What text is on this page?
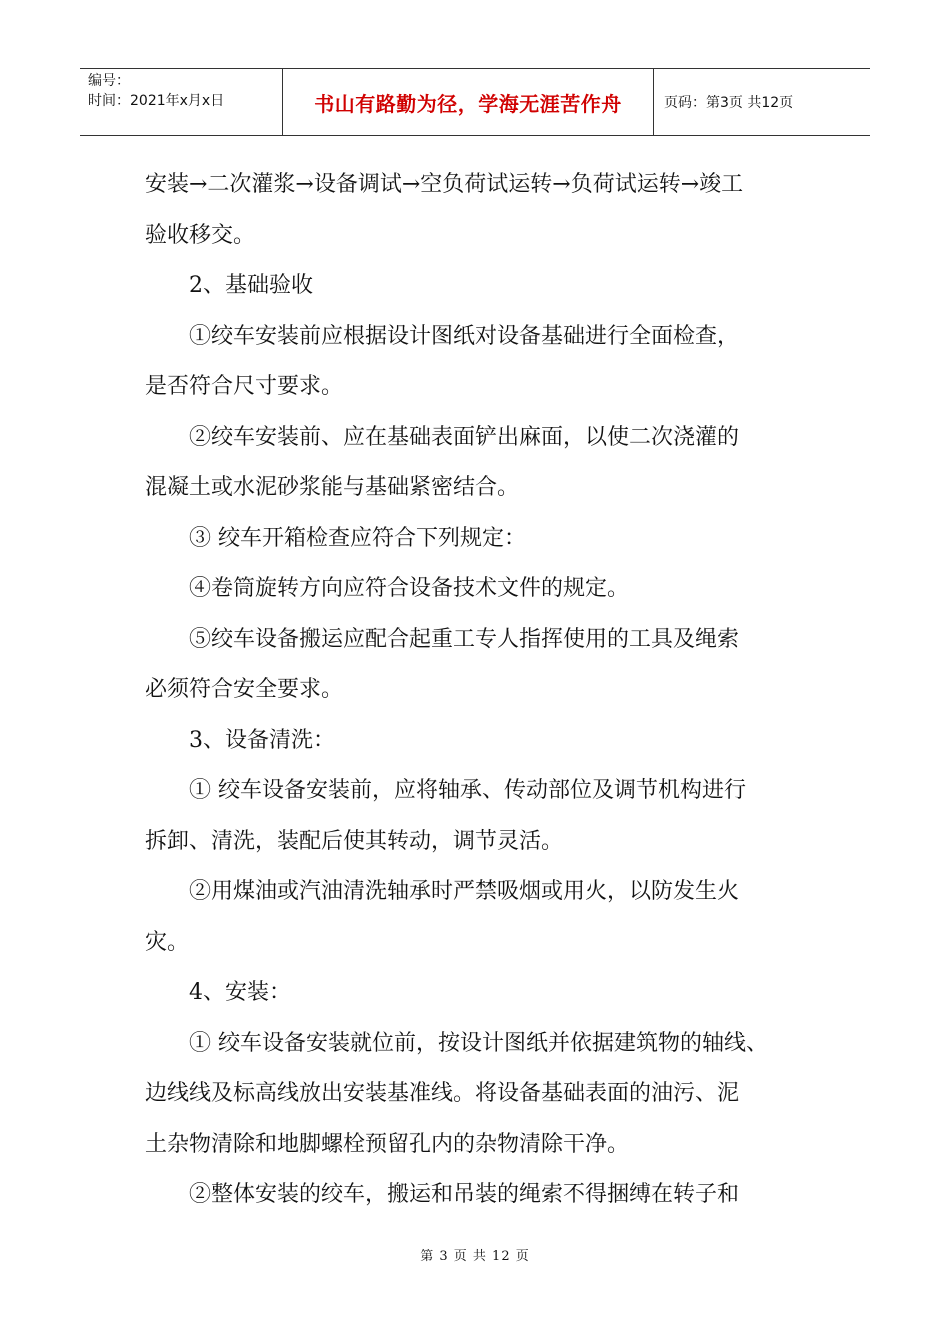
编号：
时间：2021年x月x日	书山有路勤为径，学海无涯苦作舟	页码：第3页 共12页

安装→二次灌浆→设备调试→空负荷试运转→负荷试运转→竣工

验收移交。

2、基础验收

①绞车安装前应根据设计图纸对设备基础进行全面检查，

是否符合尺寸要求。

②绞车安装前、应在基础表面铲出麻面，以使二次浇灌的

混凝土或水泥砂浆能与基础紧密结合。

③ 绞车开箱检查应符合下列规定：

④卷筒旋转方向应符合设备技术文件的规定。

⑤绞车设备搬运应配合起重工专人指挥使用的工具及绳索

必须符合安全要求。

3、设备清洗：

① 绞车设备安装前，应将轴承、传动部位及调节机构进行

拆卸、清洗，装配后使其转动，调节灵活。

②用煤油或汽油清洗轴承时严禁吸烟或用火，以防发生火

灾。

4、安装：

① 绞车设备安装就位前，按设计图纸并依据建筑物的轴线、

边线线及标高线放出安装基准线。将设备基础表面的油污、泥

土杂物清除和地脚螺栓预留孔内的杂物清除干净。

②整体安装的绞车，搬运和吊装的绳索不得捆缚在转子和

第 3 页 共 12 页
